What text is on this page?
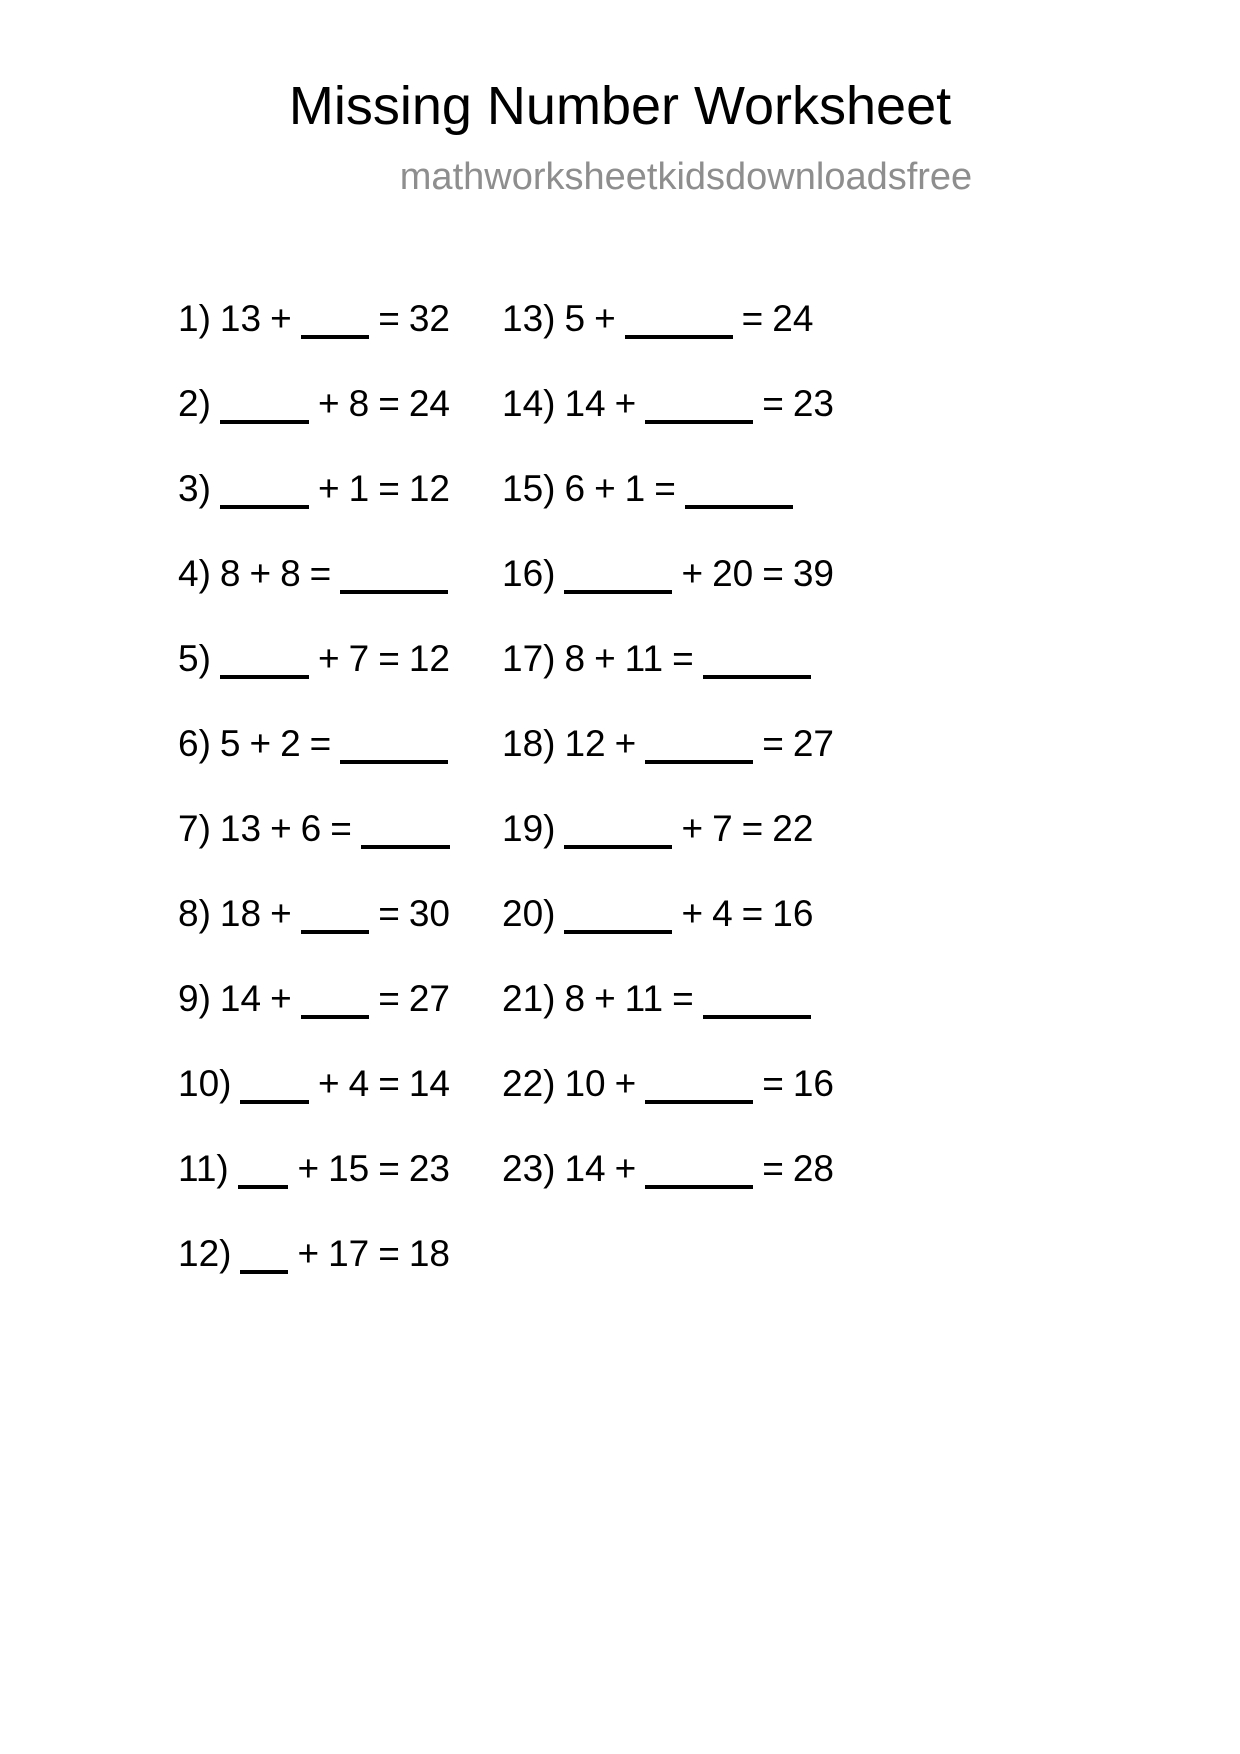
Missing Number Worksheet
mathworksheetkidsdownloadsfree
1) 13 + = 32
2)	+ 8 = 24
3)	+ 1 = 12
4) 8 + 8 =
5)	+ 7 = 12
6) 5 + 2 =
7) 13 + 6 =
8) 18 + = 30
9) 14 + = 27
10) + 4 = 14
11) + 15 = 23
12) + 17 = 18
13) 5 +	= 24
14) 14 +	= 23
15) 6 + 1 =
16)	+ 20 = 39
17) 8 + 11 =
18) 12 +	= 27
19)	+ 7 = 22
20)	+ 4 = 16
21) 8 + 11 =
22) 10 +	= 16
23) 14 +	= 28
